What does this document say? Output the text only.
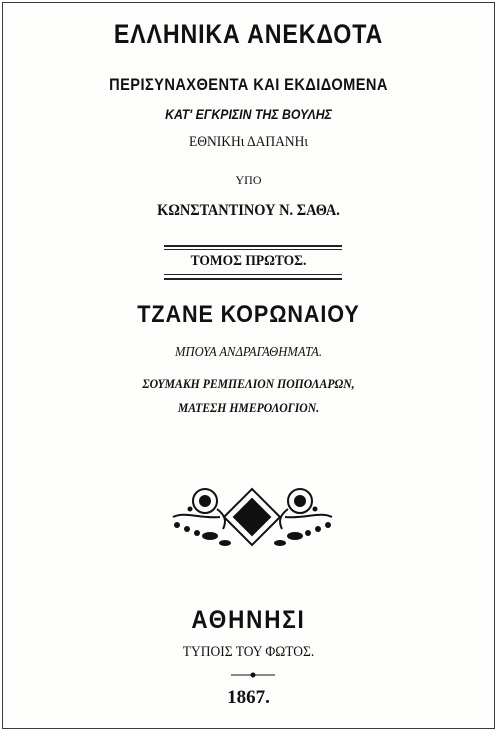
ΕΛΛΗΝΙΚΑ ΑΝΕΚΔΟΤΑ
ΠΕΡΙΣΥΝΑΧΘΕΝΤΑ ΚΑΙ ΕΚΔΙΔΟΜΕΝΑ
ΚΑΤ' ΕΓΚΡΙΣΙΝ ΤΗΣ ΒΟΥΛΗΣ
ΕΘΝΙΚΗι ΔΑΠΑΝΗι
ΥΠΟ
ΚΩΝΣΤΑΝΤΙΝΟΥ Ν. ΣΑΘΑ.
ΤΟΜΟΣ ΠΡΩΤΟΣ.
ΤΖΑΝΕ ΚΟΡΩΝΑΙΟΥ
ΜΠΟΥΑ ΑΝΔΡΑΓΑΘΗΜΑΤΑ.
ΣΟΥΜΑΚΗ ΡΕΜΠΕΛΙΟΝ ΠΟΠΟΛΑΡΩΝ,
ΜΑΤΕΣΗ ΗΜΕΡΟΛΟΓΙΟΝ.
ΑΘΗΝΗΣΙ
ΤΥΠΟΙΣ ΤΟΥ ΦΩΤΟΣ.
1867.
